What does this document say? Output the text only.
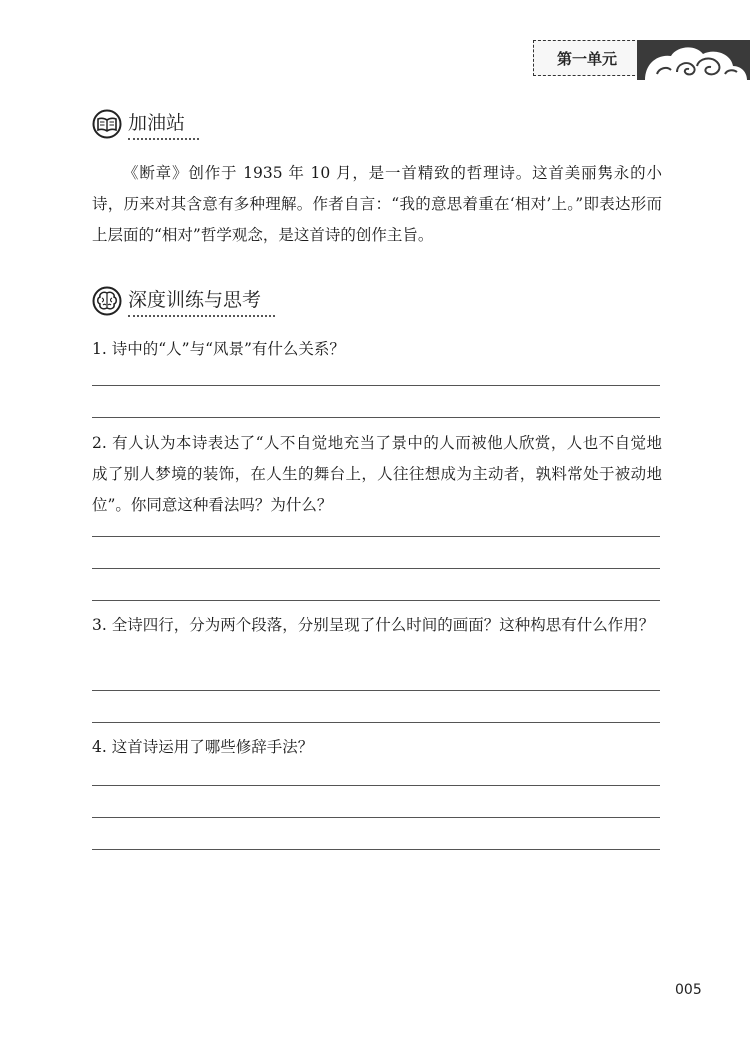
第一单元
加油站

《断章》创作于 1935 年 10 月，是一首精致的哲理诗。这首美丽隽永的小诗，历来对其含意有多种理解。作者自言：“我的意思着重在‘相对’上。”即表达形而上层面的“相对”哲学观念，是这首诗的创作主旨。

深度训练与思考

1. 诗中的“人”与“风景”有什么关系？

2. 有人认为本诗表达了“人不自觉地充当了景中的人而被他人欣赏，人也不自觉地成了别人梦境的装饰，在人生的舞台上，人往往想成为主动者，孰料常处于被动地位”。你同意这种看法吗？为什么？

3. 全诗四行，分为两个段落，分别呈现了什么时间的画面？这种构思有什么作用？

4. 这首诗运用了哪些修辞手法？

005
